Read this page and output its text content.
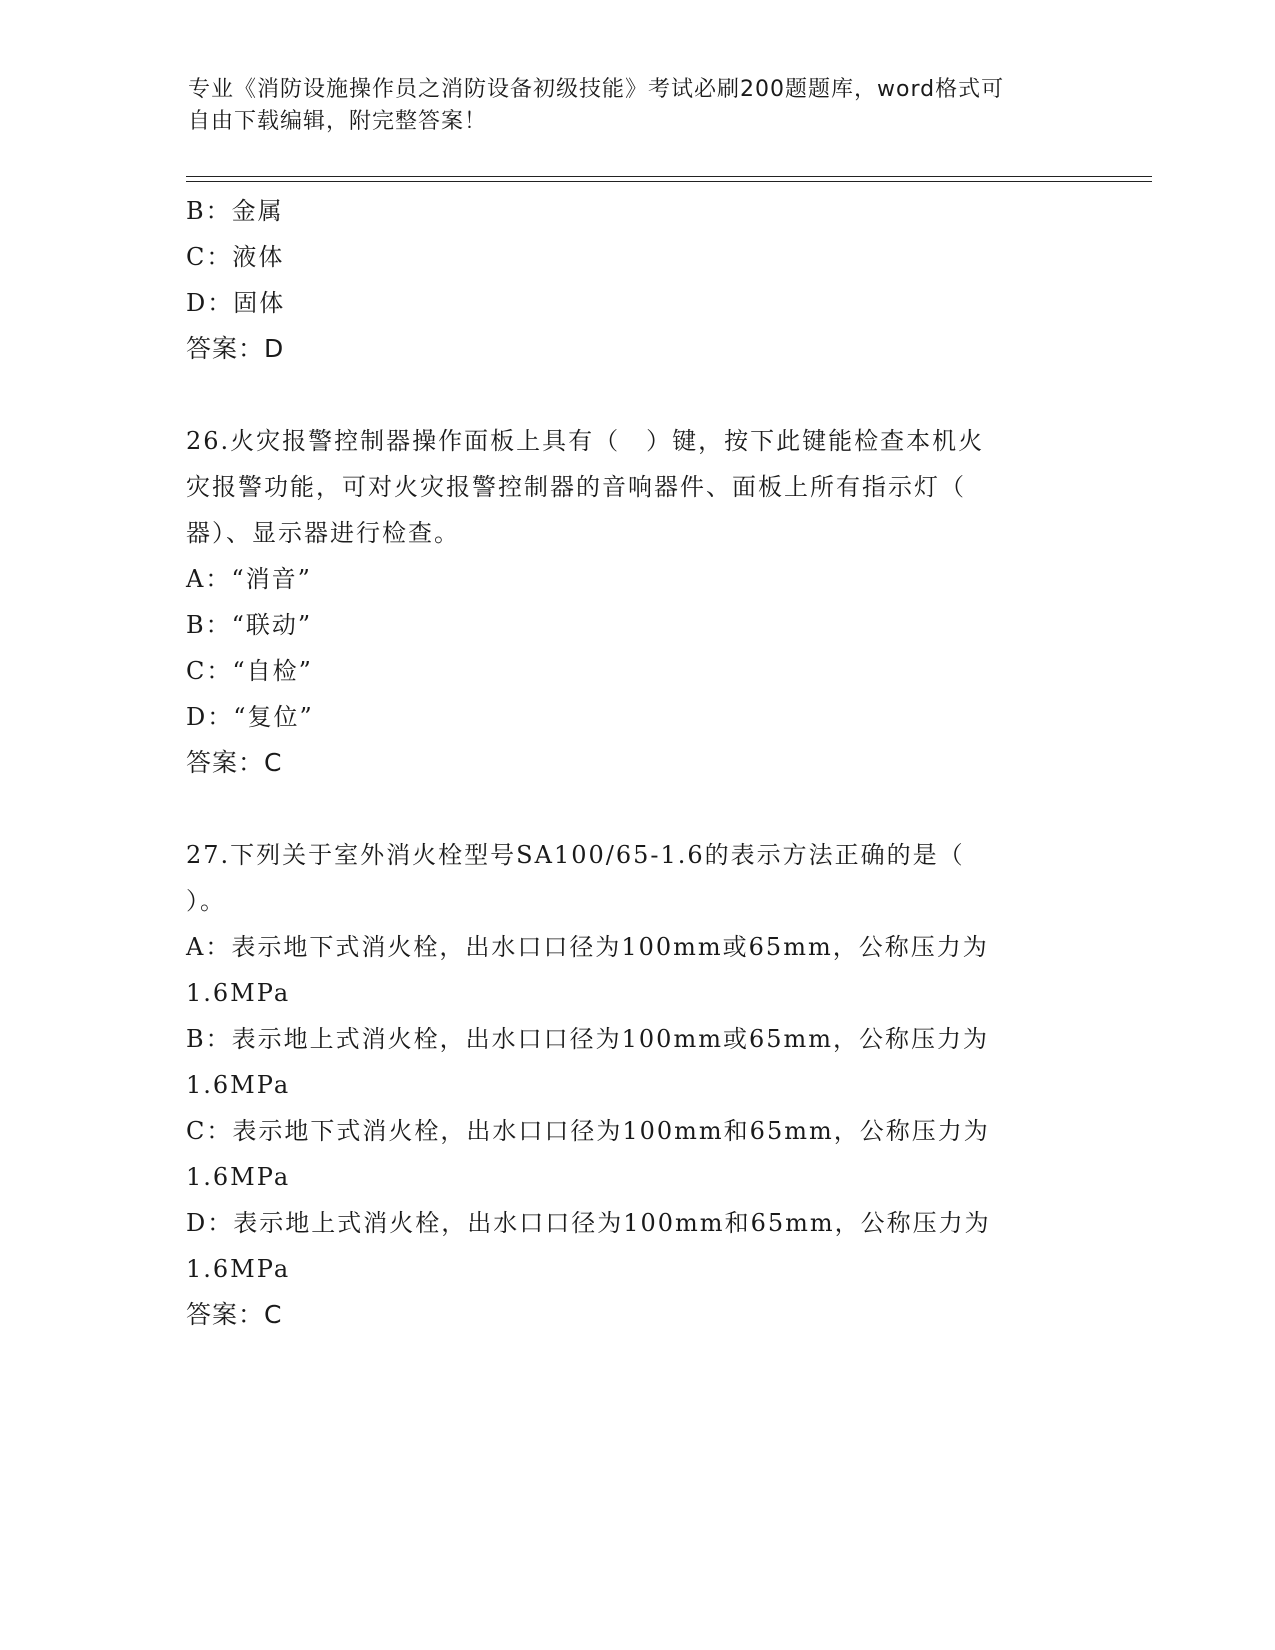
专业《消防设施操作员之消防设备初级技能》考试必刷200题题库，word格式可
自由下载编辑，附完整答案！
B：金属
C：液体
D：固体
答案：D
26.火灾报警控制器操作面板上具有（　）键，按下此键能检查本机火
灾报警功能，可对火灾报警控制器的音响器件、面板上所有指示灯（
器）、显示器进行检查。
A：“消音”
B：“联动”
C：“自检”
D：“复位”
答案：C
27.下列关于室外消火栓型号SA100/65-1.6的表示方法正确的是（
）。
A：表示地下式消火栓，出水口口径为100mm或65mm，公称压力为
1.6MPa
B：表示地上式消火栓，出水口口径为100mm或65mm，公称压力为
1.6MPa
C：表示地下式消火栓，出水口口径为100mm和65mm，公称压力为
1.6MPa
D：表示地上式消火栓，出水口口径为100mm和65mm，公称压力为
1.6MPa
答案：C
